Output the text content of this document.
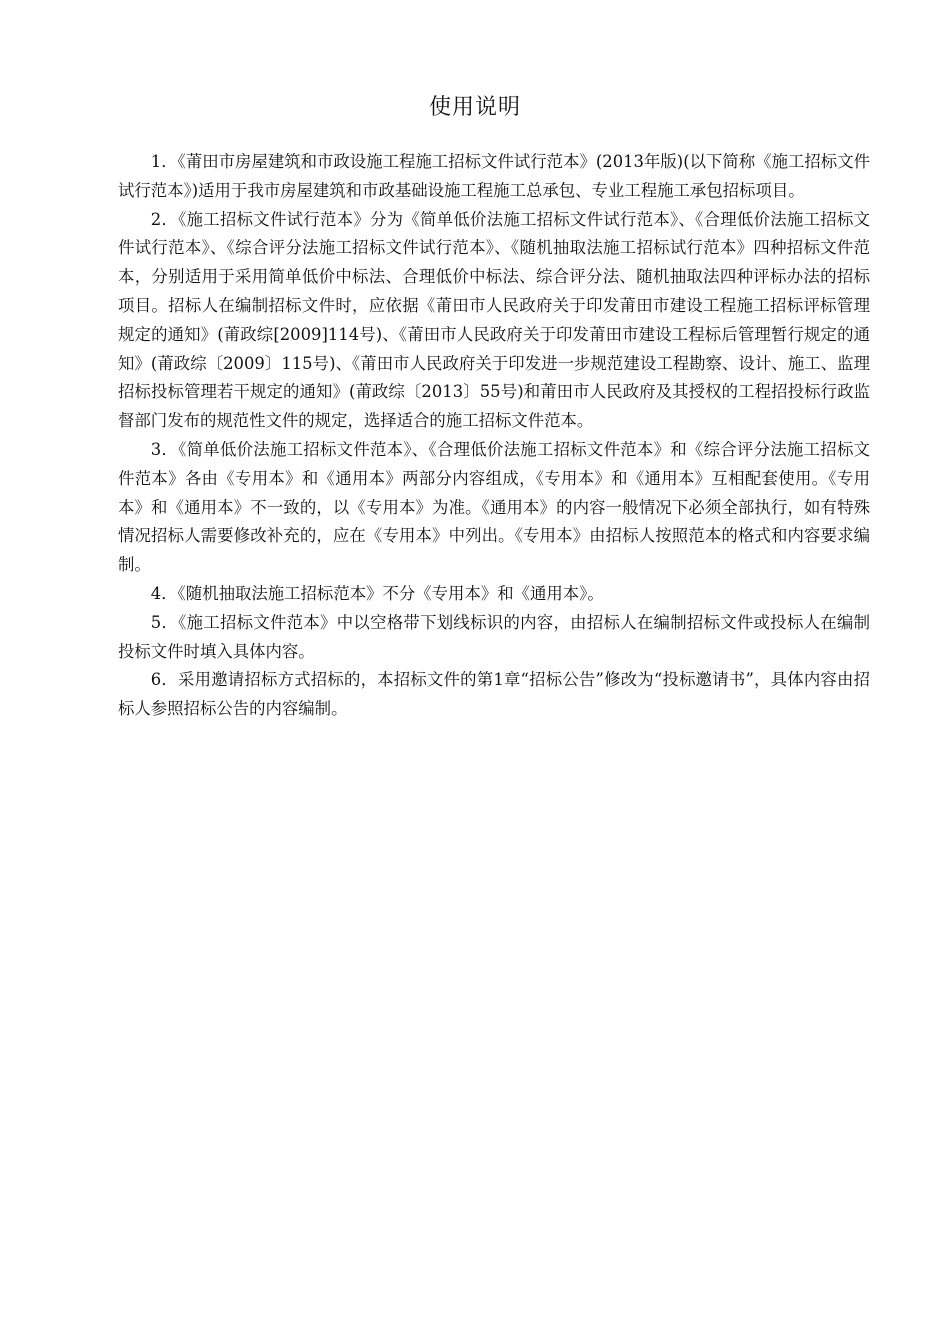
使用说明

1．《莆田市房屋建筑和市政设施工程施工招标文件试行范本》(2013年版)(以下简称《施工招标文件试行范本》)适用于我市房屋建筑和市政基础设施工程施工总承包、专业工程施工承包招标项目。

2．《施工招标文件试行范本》分为《简单低价法施工招标文件试行范本》、《合理低价法施工招标文件试行范本》、《综合评分法施工招标文件试行范本》、《随机抽取法施工招标试行范本》四种招标文件范本，分别适用于采用简单低价中标法、合理低价中标法、综合评分法、随机抽取法四种评标办法的招标项目。招标人在编制招标文件时，应依据《莆田市人民政府关于印发莆田市建设工程施工招标评标管理规定的通知》(莆政综[2009]114号)、《莆田市人民政府关于印发莆田市建设工程标后管理暂行规定的通知》(莆政综〔2009〕115号)、《莆田市人民政府关于印发进一步规范建设工程勘察、设计、施工、监理招标投标管理若干规定的通知》(莆政综〔2013〕55号)和莆田市人民政府及其授权的工程招投标行政监督部门发布的规范性文件的规定，选择适合的施工招标文件范本。

3．《简单低价法施工招标文件范本》、《合理低价法施工招标文件范本》和《综合评分法施工招标文件范本》各由《专用本》和《通用本》两部分内容组成，《专用本》和《通用本》互相配套使用。《专用本》和《通用本》不一致的，以《专用本》为准。《通用本》的内容一般情况下必须全部执行，如有特殊情况招标人需要修改补充的，应在《专用本》中列出。《专用本》由招标人按照范本的格式和内容要求编制。

4．《随机抽取法施工招标范本》不分《专用本》和《通用本》。

5．《施工招标文件范本》中以空格带下划线标识的内容，由招标人在编制招标文件或投标人在编制投标文件时填入具体内容。

6．采用邀请招标方式招标的，本招标文件的第1章“招标公告”修改为“投标邀请书”，具体内容由招标人参照招标公告的内容编制。
